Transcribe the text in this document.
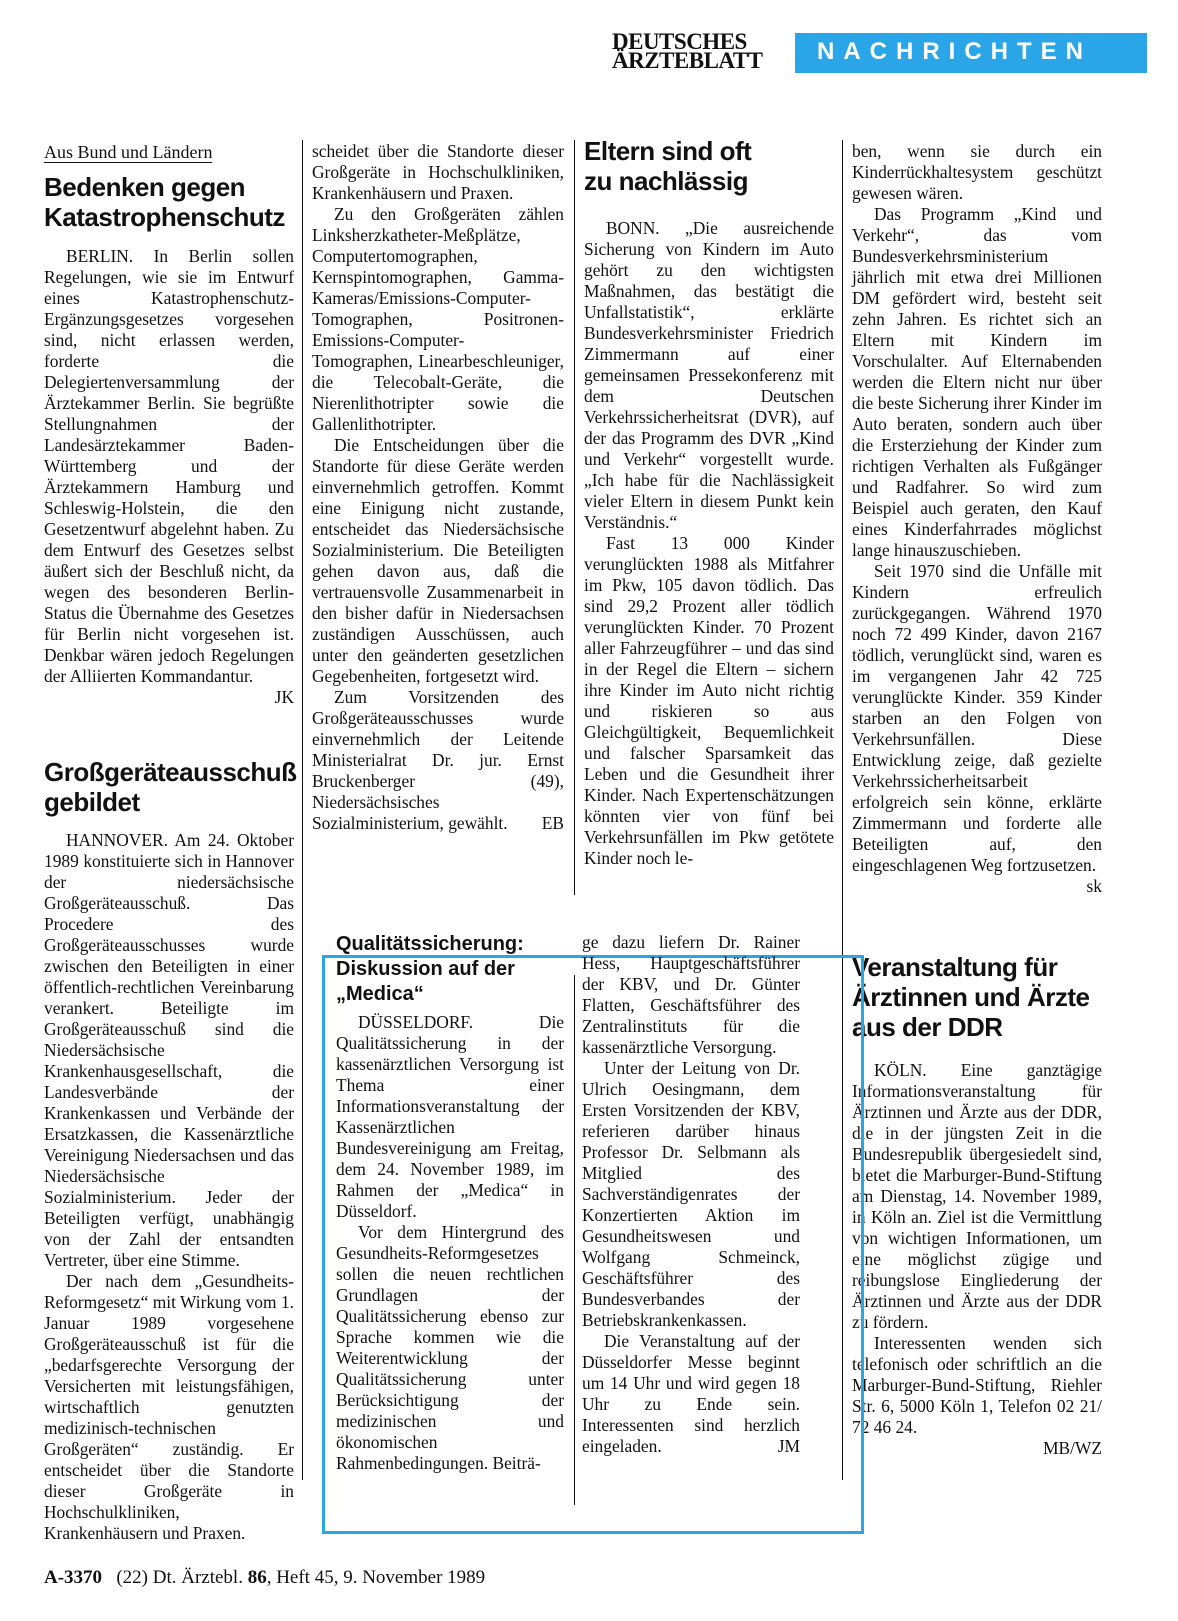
DEUTSCHES
ÄRZTEBLATT	NACHRICHTEN
Aus Bund und Ländern
Bedenken gegen Katastrophenschutz

BERLIN. In Berlin sollen Regelungen, wie sie im Entwurf eines Katastrophenschutz-Ergänzungsgesetzes vorgesehen sind, nicht erlassen werden, forderte die Delegiertenversammlung der Ärztekammer Berlin. Sie begrüßte Stellungnahmen der Landesärztekammer Baden-Württemberg und der Ärztekammern Hamburg und Schleswig-Holstein, die den Gesetzentwurf abgelehnt haben. Zu dem Entwurf des Gesetzes selbst äußert sich der Beschluß nicht, da wegen des besonderen Berlin-Status die Übernahme des Gesetzes für Berlin nicht vorgesehen ist. Denkbar wären jedoch Regelungen der Alliierten Kommandantur.

JK
Großgeräteausschuß gebildet

HANNOVER. Am 24. Oktober 1989 konstituierte sich in Hannover der niedersächsische Großgeräteausschuß. Das Procedere des Großgeräteausschusses wurde zwischen den Beteiligten in einer öffentlich-rechtlichen Vereinbarung verankert. Beteiligte im Großgeräteausschuß sind die Niedersächsische Krankenhausgesellschaft, die Landesverbände der Krankenkassen und Verbände der Ersatzkassen, die Kassenärztliche Vereinigung Niedersachsen und das Niedersächsische Sozialministerium. Jeder der Beteiligten verfügt, unabhängig von der Zahl der entsandten Vertreter, über eine Stimme.

Der nach dem „Gesundheits-Reformgesetz“ mit Wirkung vom 1. Januar 1989 vorgesehene Großgeräteausschuß ist für die „bedarfsgerechte Versorgung der Versicherten mit leistungsfähigen, wirtschaftlich genutzten medizinisch-technischen Großgeräten“ zuständig. Er entscheidet über die Standorte dieser Großgeräte in Hochschulkliniken, Krankenhäusern und Praxen.

scheidet über die Standorte dieser Großgeräte in Hochschulkliniken, Krankenhäusern und Praxen.

Zu den Großgeräten zählen Linksherzkatheter-Meßplätze, Computertomographen, Kernspintomographen, Gamma-Kameras/Emissions-Computer-Tomographen, Positronen-Emissions-Computer-Tomographen, Linearbeschleuniger, die Telecobalt-Geräte, die Nierenlithotripter sowie die Gallenlithotripter.

Die Entscheidungen über die Standorte für diese Geräte werden einvernehmlich getroffen. Kommt eine Einigung nicht zustande, entscheidet das Niedersächsische Sozialministerium. Die Beteiligten gehen davon aus, daß die vertrauensvolle Zusammenarbeit in den bisher dafür in Niedersachsen zuständigen Ausschüssen, auch unter den geänderten gesetzlichen Gegebenheiten, fortgesetzt wird.

Zum Vorsitzenden des Großgeräteausschusses wurde einvernehmlich der Leitende Ministerialrat Dr. jur. Ernst Bruckenberger (49), Niedersächsisches Sozialministerium, gewählt.	EB

Eltern sind oft zu nachlässig

BONN. „Die ausreichende Sicherung von Kindern im Auto gehört zu den wichtigsten Maßnahmen, das bestätigt die Unfallstatistik“, erklärte Bundesverkehrsminister Friedrich Zimmermann auf einer gemeinsamen Pressekonferenz mit dem Deutschen Verkehrssicherheitsrat (DVR), auf der das Programm des DVR „Kind und Verkehr“ vorgestellt wurde. „Ich habe für die Nachlässigkeit vieler Eltern in diesem Punkt kein Verständnis.“

Fast 13 000 Kinder verunglückten 1988 als Mitfahrer im Pkw, 105 davon tödlich. Das sind 29,2 Prozent aller tödlich verunglückten Kinder. 70 Prozent aller Fahrzeugführer – und das sind in der Regel die Eltern – sichern ihre Kinder im Auto nicht richtig und riskieren so aus Gleichgültigkeit, Bequemlichkeit und falscher Sparsamkeit das Leben und die Gesundheit ihrer Kinder. Nach Expertenschätzungen könnten vier von fünf bei Verkehrsunfällen im Pkw getötete Kinder noch le-

ben, wenn sie durch ein Kinderrückhaltesystem geschützt gewesen wären.

Das Programm „Kind und Verkehr“, das vom Bundesverkehrsministerium jährlich mit etwa drei Millionen DM gefördert wird, besteht seit zehn Jahren. Es richtet sich an Eltern mit Kindern im Vorschulalter. Auf Elternabenden werden die Eltern nicht nur über die beste Sicherung ihrer Kinder im Auto beraten, sondern auch über die Ersterziehung der Kinder zum richtigen Verhalten als Fußgänger und Radfahrer. So wird zum Beispiel auch geraten, den Kauf eines Kinderfahrrades möglichst lange hinauszuschieben.

Seit 1970 sind die Unfälle mit Kindern erfreulich zurückgegangen. Während 1970 noch 72 499 Kinder, davon 2167 tödlich, verunglückt sind, waren es im vergangenen Jahr 42 725 verunglückte Kinder. 359 Kinder starben an den Folgen von Verkehrsunfällen. Diese Entwicklung zeige, daß gezielte Verkehrssicherheitsarbeit erfolgreich sein könne, erklärte Zimmermann und forderte alle Beteiligten auf, den eingeschlagenen Weg fortzusetzen.
sk

Veranstaltung für Ärztinnen und Ärzte aus der DDR

KÖLN. Eine ganztägige Informationsveranstaltung für Ärztinnen und Ärzte aus der DDR, die in der jüngsten Zeit in die Bundesrepublik übergesiedelt sind, bietet die Marburger-Bund-Stiftung am Dienstag, 14. November 1989, in Köln an. Ziel ist die Vermittlung von wichtigen Informationen, um eine möglichst zügige und reibungslose Eingliederung der Ärztinnen und Ärzte aus der DDR zu fördern.

Interessenten wenden sich telefonisch oder schriftlich an die Marburger-Bund-Stiftung, Riehler Str. 6, 5000 Köln 1, Telefon 02 21/ 72 46 24.

MB/WZ
Qualitätssicherung: Diskussion auf der „Medica“

DÜSSELDORF. Die Qualitätssicherung in der kassenärztlichen Versorgung ist Thema einer Informationsveranstaltung der Kassenärztlichen Bundesvereinigung am Freitag, dem 24. November 1989, im Rahmen der „Medica“ in Düsseldorf.

Vor dem Hintergrund des Gesundheits-Reformgesetzes sollen die neuen rechtlichen Grundlagen der Qualitätssicherung ebenso zur Sprache kommen wie die Weiterentwicklung der Qualitätssicherung unter Berücksichtigung der medizinischen und ökonomischen Rahmenbedingungen. Beiträ-

ge dazu liefern Dr. Rainer Hess, Hauptgeschäftsführer der KBV, und Dr. Günter Flatten, Geschäftsführer des Zentralinstituts für die kassenärztliche Versorgung.

Unter der Leitung von Dr. Ulrich Oesingmann, dem Ersten Vorsitzenden der KBV, referieren darüber hinaus Professor Dr. Selbmann als Mitglied des Sachverständigenrates der Konzertierten Aktion im Gesundheitswesen und Wolfgang Schmeinck, Geschäftsführer des Bundesverbandes der Betriebskrankenkassen.

Die Veranstaltung auf der Düsseldorfer Messe beginnt um 14 Uhr und wird gegen 18 Uhr zu Ende sein. Interessenten sind herzlich eingeladen.	JM

A-3370 (22) Dt. Ärztebl. 86, Heft 45, 9. November 1989
